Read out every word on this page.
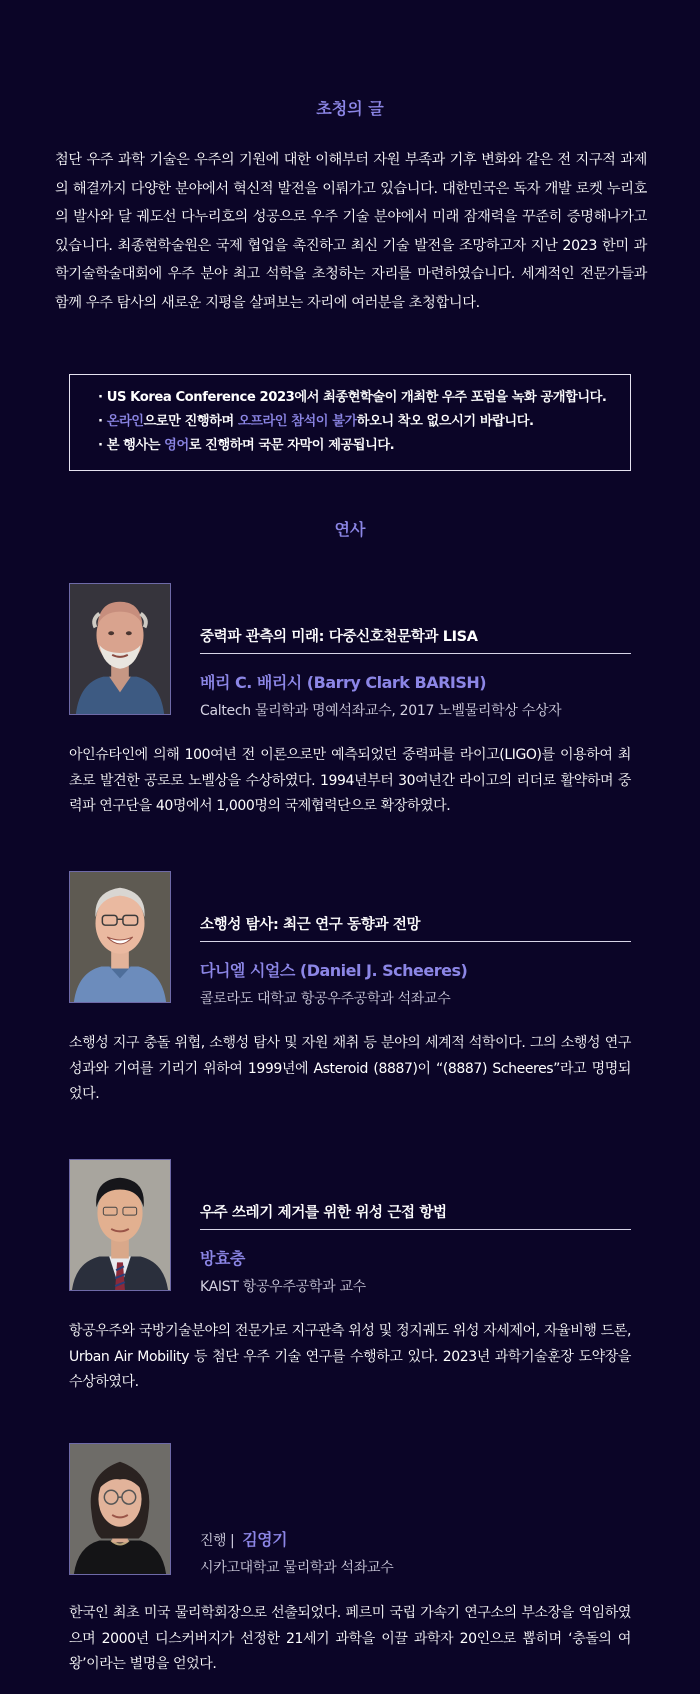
초청의 글

첨단 우주 과학 기술은 우주의 기원에 대한 이해부터 자원 부족과 기후 변화와 같은 전 지구적 과제의 해결까지 다양한 분야에서 혁신적 발전을 이뤄가고 있습니다. 대한민국은 독자 개발 로켓 누리호의 발사와 달 궤도선 다누리호의 성공으로 우주 기술 분야에서 미래 잠재력을 꾸준히 증명해나가고 있습니다. 최종현학술원은 국제 협업을 촉진하고 최신 기술 발전을 조망하고자 지난 2023 한미 과학기술학술대회에 우주 분야 최고 석학을 초청하는 자리를 마련하였습니다. 세계적인 전문가들과 함께 우주 탐사의 새로운 지평을 살펴보는 자리에 여러분을 초청합니다.

· US Korea Conference 2023에서 최종현학술이 개최한 우주 포럼을 녹화 공개합니다.
· 온라인으로만 진행하며 오프라인 참석이 불가하오니 착오 없으시기 바랍니다.
· 본 행사는 영어로 진행하며 국문 자막이 제공됩니다.
연사
중력파 관측의 미래: 다중신호천문학과 LISA
배리 C. 배리시 (Barry Clark BARISH)
Caltech 물리학과 명예석좌교수, 2017 노벨물리학상 수상자

아인슈타인에 의해 100여년 전 이론으로만 예측되었던 중력파를 라이고(LIGO)를 이용하여 최초로 발견한 공로로 노벨상을 수상하였다. 1994년부터 30여년간 라이고의 리더로 활약하며 중력파 연구단을 40명에서 1,000명의 국제협력단으로 확장하였다.

소행성 탐사: 최근 연구 동향과 전망
다니엘 시얼스 (Daniel J. Scheeres)
콜로라도 대학교 항공우주공학과 석좌교수

소행성 지구 충돌 위협, 소행성 탐사 및 자원 채취 등 분야의 세계적 석학이다. 그의 소행성 연구 성과와 기여를 기리기 위하여 1999년에 Asteroid (8887)이 “(8887) Scheeres”라고 명명되었다.

우주 쓰레기 제거를 위한 위성 근접 항법
방효충
KAIST 항공우주공학과 교수

항공우주와 국방기술분야의 전문가로 지구관측 위성 및 정지궤도 위성 자세제어, 자율비행 드론, Urban Air Mobility 등 첨단 우주 기술 연구를 수행하고 있다. 2023년 과학기술훈장 도약장을 수상하였다.

진행 | 김영기
시카고대학교 물리학과 석좌교수

한국인 최초 미국 물리학회장으로 선출되었다. 페르미 국립 가속기 연구소의 부소장을 역임하였으며 2000년 디스커버지가 선정한 21세기 과학을 이끌 과학자 20인으로 뽑히며 ‘충돌의 여왕’이라는 별명을 얻었다.
